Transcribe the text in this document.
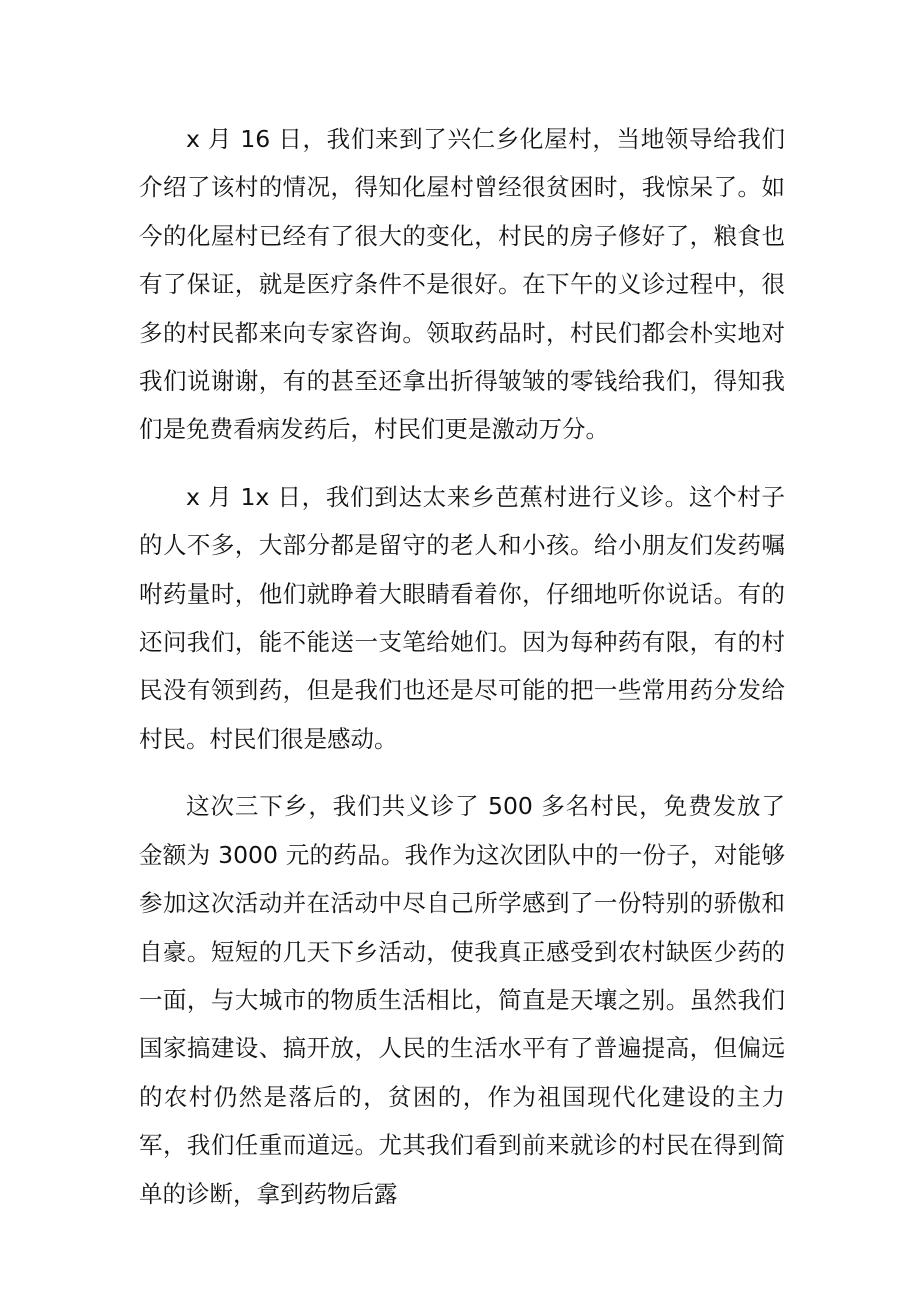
x 月 16 日，我们来到了兴仁乡化屋村，当地领导给我们介绍了该村的情况，得知化屋村曾经很贫困时，我惊呆了。如今的化屋村已经有了很大的变化，村民的房子修好了，粮食也有了保证，就是医疗条件不是很好。在下午的义诊过程中，很多的村民都来向专家咨询。领取药品时，村民们都会朴实地对我们说谢谢，有的甚至还拿出折得皱皱的零钱给我们，得知我们是免费看病发药后，村民们更是激动万分。

x 月 1x 日，我们到达太来乡芭蕉村进行义诊。这个村子的人不多，大部分都是留守的老人和小孩。给小朋友们发药嘱咐药量时，他们就睁着大眼睛看着你，仔细地听你说话。有的还问我们，能不能送一支笔给她们。因为每种药有限，有的村民没有领到药，但是我们也还是尽可能的把一些常用药分发给村民。村民们很是感动。

这次三下乡，我们共义诊了 500 多名村民，免费发放了金额为 3000 元的药品。我作为这次团队中的一份子，对能够参加这次活动并在活动中尽自己所学感到了一份特别的骄傲和自豪。短短的几天下乡活动，使我真正感受到农村缺医少药的一面，与大城市的物质生活相比，简直是天壤之别。虽然我们国家搞建设、搞开放，人民的生活水平有了普遍提高，但偏远的农村仍然是落后的，贫困的，作为祖国现代化建设的主力军，我们任重而道远。尤其我们看到前来就诊的村民在得到简单的诊断，拿到药物后露
